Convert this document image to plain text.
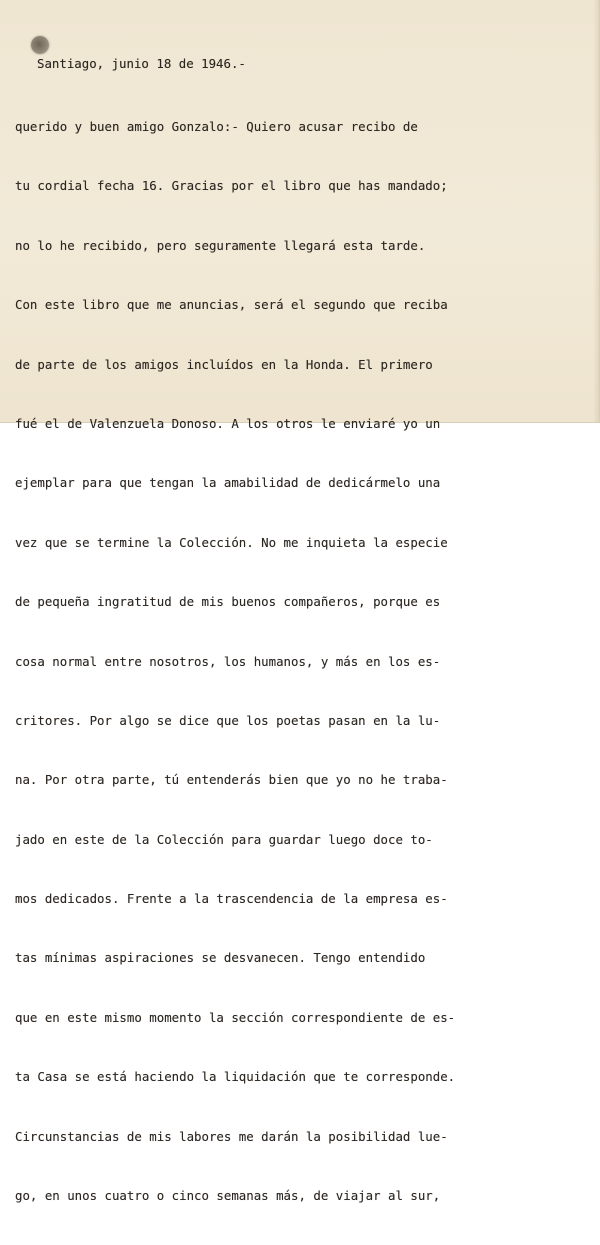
Santiago, junio 18 de 1946.-

querido y buen amigo Gonzalo:- Quiero acusar recibo de

tu cordial fecha 16. Gracias por el libro que has mandado;

no lo he recibido, pero seguramente llegará esta tarde.

Con este libro que me anuncias, será el segundo que reciba

de parte de los amigos incluídos en la Honda. El primero

fué el de Valenzuela Donoso. A los otros le enviaré yo un

ejemplar para que tengan la amabilidad de dedicármelo una

vez que se termine la Colección. No me inquieta la especie

de pequeña ingratitud de mis buenos compañeros, porque es

cosa normal entre nosotros, los humanos, y más en los es-

critores. Por algo se dice que los poetas pasan en la lu-

na. Por otra parte, tú entenderás bien que yo no he traba-

jado en este de la Colección para guardar luego doce to-

mos dedicados. Frente a la trascendencia de la empresa es-

tas mínimas aspiraciones se desvanecen. Tengo entendido

que en este mismo momento la sección correspondiente de es-

ta Casa se está haciendo la liquidación que te corresponde.

Circunstancias de mis labores me darán la posibilidad lue-

go, en unos cuatro o cinco semanas más, de viajar al sur,
